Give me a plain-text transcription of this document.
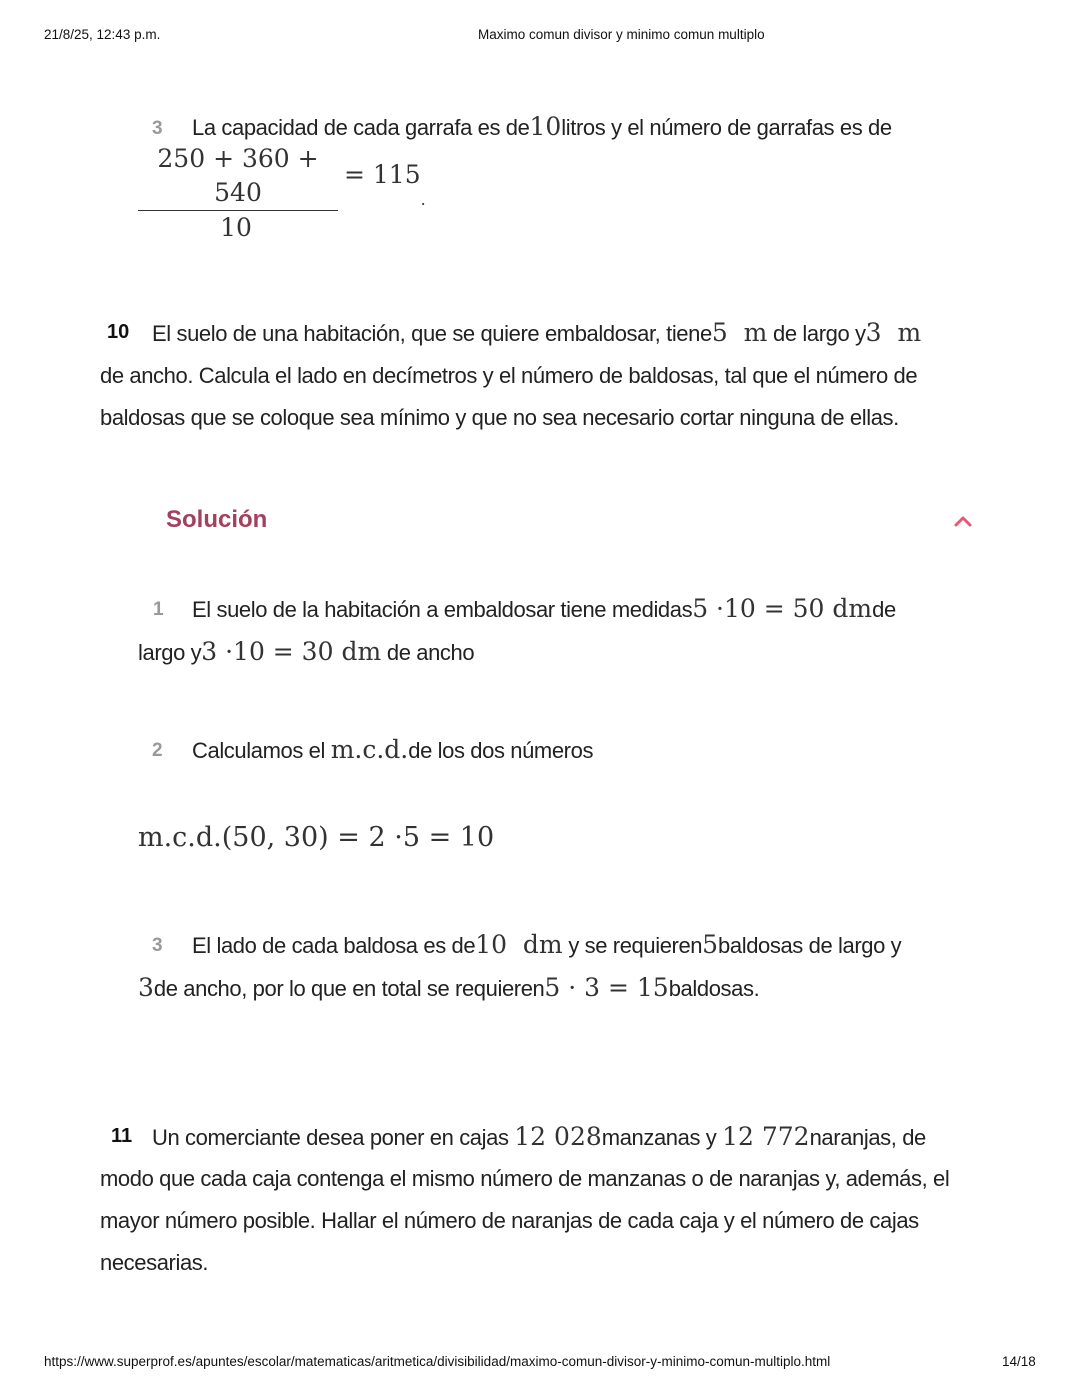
21/8/25, 12:43 p.m.	Maximo comun divisor y minimo comun multiplo
3 La capacidad de cada garrafa es de10litros y el número de garrafas es de
250 + 360 + 540
10
= $115_.$
10 El suelo de una habitación, que se quiere embaldosar, tiene5  m de largo y3  m
de ancho. Calcula el lado en decímetros y el número de baldosas, tal que el número de
baldosas que se coloque sea mínimo y que no sea necesario cortar ninguna de ellas.
Solución
1 El suelo de la habitación a embaldosar tiene medidas5 ·10 = 50 dmde
largo y3 ·10 = 30 dm de ancho
2 Calculamos el m.c.d.de los dos números
m.c.d.(50, 30) = 2 ·5 = 10
3 El lado de cada baldosa es de10  dm y se requieren5baldosas de largo y
3de ancho, por lo que en total se requieren5 · 3 = 15baldosas.
11 Un comerciante desea poner en cajas 12 028manzanas y 12 772naranjas, de
modo que cada caja contenga el mismo número de manzanas o de naranjas y, además, el
mayor número posible. Hallar el número de naranjas de cada caja y el número de cajas
necesarias.
https://www.superprof.es/apuntes/escolar/matematicas/aritmetica/divisibilidad/maximo-comun-divisor-y-minimo-comun-multiplo.html	14/18
